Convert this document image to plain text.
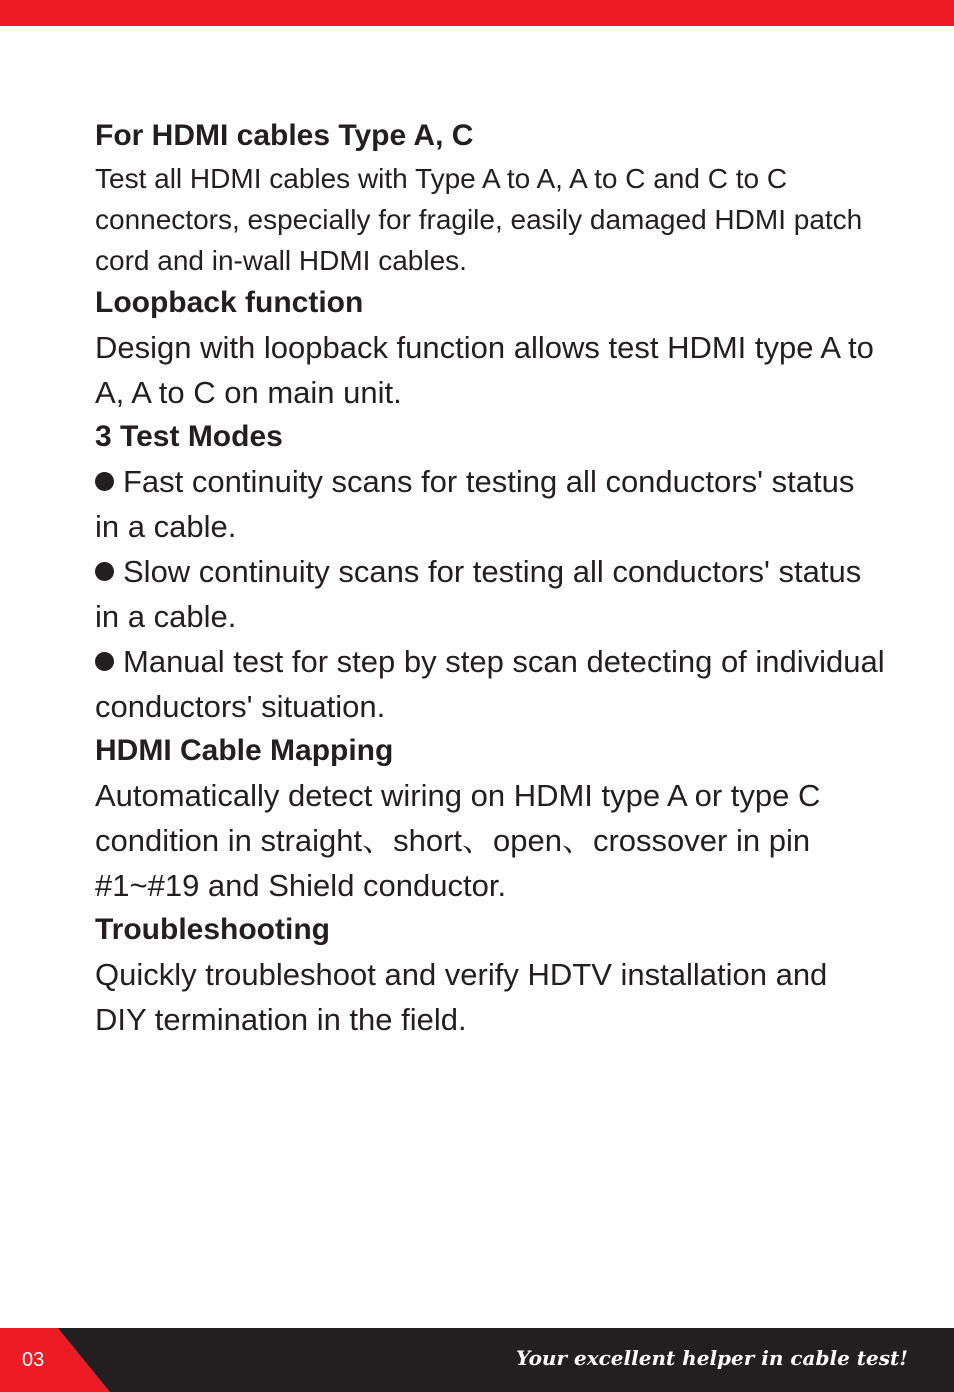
For HDMI cables Type A, C

Test all HDMI cables with Type A to A, A to C and C to C connectors, especially for fragile, easily damaged HDMI patch cord and in-wall HDMI cables.

Loopback function

Design with loopback function allows test HDMI type A to A, A to C on main unit.

3 Test Modes

Fast continuity scans for testing all conductors' status in a cable.

Slow continuity scans for testing all conductors' status in a cable.

Manual test for step by step scan detecting of individual conductors' situation.

HDMI Cable Mapping

Automatically detect wiring on HDMI type A or type C condition in straight、short、open、crossover in pin #1~#19 and Shield conductor.

Troubleshooting

Quickly troubleshoot and verify HDTV installation and DIY termination in the field.

03	Your excellent helper in cable test!
